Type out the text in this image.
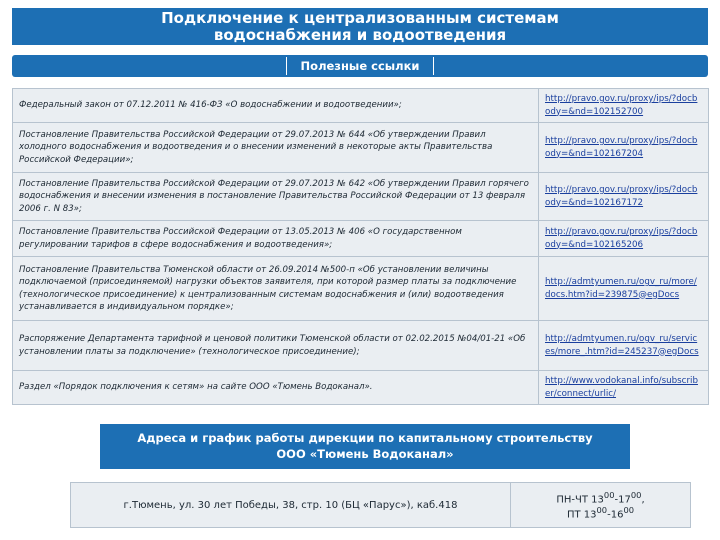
Подключение к централизованным системам
водоснабжения и водоотведения
Полезные ссылки
Федеральный закон от 07.12.2011 № 416-ФЗ «О водоснабжении и водоотведении»;	http://pravo.gov.ru/proxy/ips/?docbody=&nd=102152700
Постановление Правительства Российской Федерации от 29.07.2013 № 644 «Об утверждении Правил холодного водоснабжения и водоотведения и о внесении изменений в некоторые акты Правительства Российской Федерации»;	http://pravo.gov.ru/proxy/ips/?docbody=&nd=102167204
Постановление Правительства Российской Федерации от 29.07.2013 № 642 «Об утверждении Правил горячего водоснабжения и внесении изменения в постановление Правительства Российской Федерации от 13 февраля 2006 г. N 83»;	http://pravo.gov.ru/proxy/ips/?docbody=&nd=102167172
Постановление Правительства Российской Федерации от 13.05.2013 № 406 «О государственном регулировании тарифов в сфере водоснабжения и водоотведения»;	http://pravo.gov.ru/proxy/ips/?docbody=&nd=102165206
Постановление Правительства Тюменской области от 26.09.2014 №500-п «Об установлении величины подключаемой (присоединяемой) нагрузки объектов заявителя, при которой размер платы за подключение (технологическое присоединение) к централизованным системам водоснабжения и (или) водоотведения устанавливается в индивидуальном порядке»;	http://admtyumen.ru/ogv_ru/more/docs.htm?id=239875@egDocs
Распоряжение Департамента тарифной и ценовой политики Тюменской области от 02.02.2015 №04/01-21 «Об установлении платы за подключение» (технологическое присоединение);	http://admtyumen.ru/ogv_ru/services/more_.htm?id=245237@egDocs
Раздел «Порядок подключения к сетям» на сайте ООО «Тюмень Водоканал».	http://www.vodokanal.info/subscriber/connect/urlic/
Адреса и график работы дирекции по капитальному строительству
ООО «Тюмень Водоканал»
г.Тюмень, ул. 30 лет Победы, 38, стр. 10 (БЦ «Парус»), каб.418	ПН-ЧТ $13^{00}-17^{00}$,
ПТ $13^{00}-16^{00}$
